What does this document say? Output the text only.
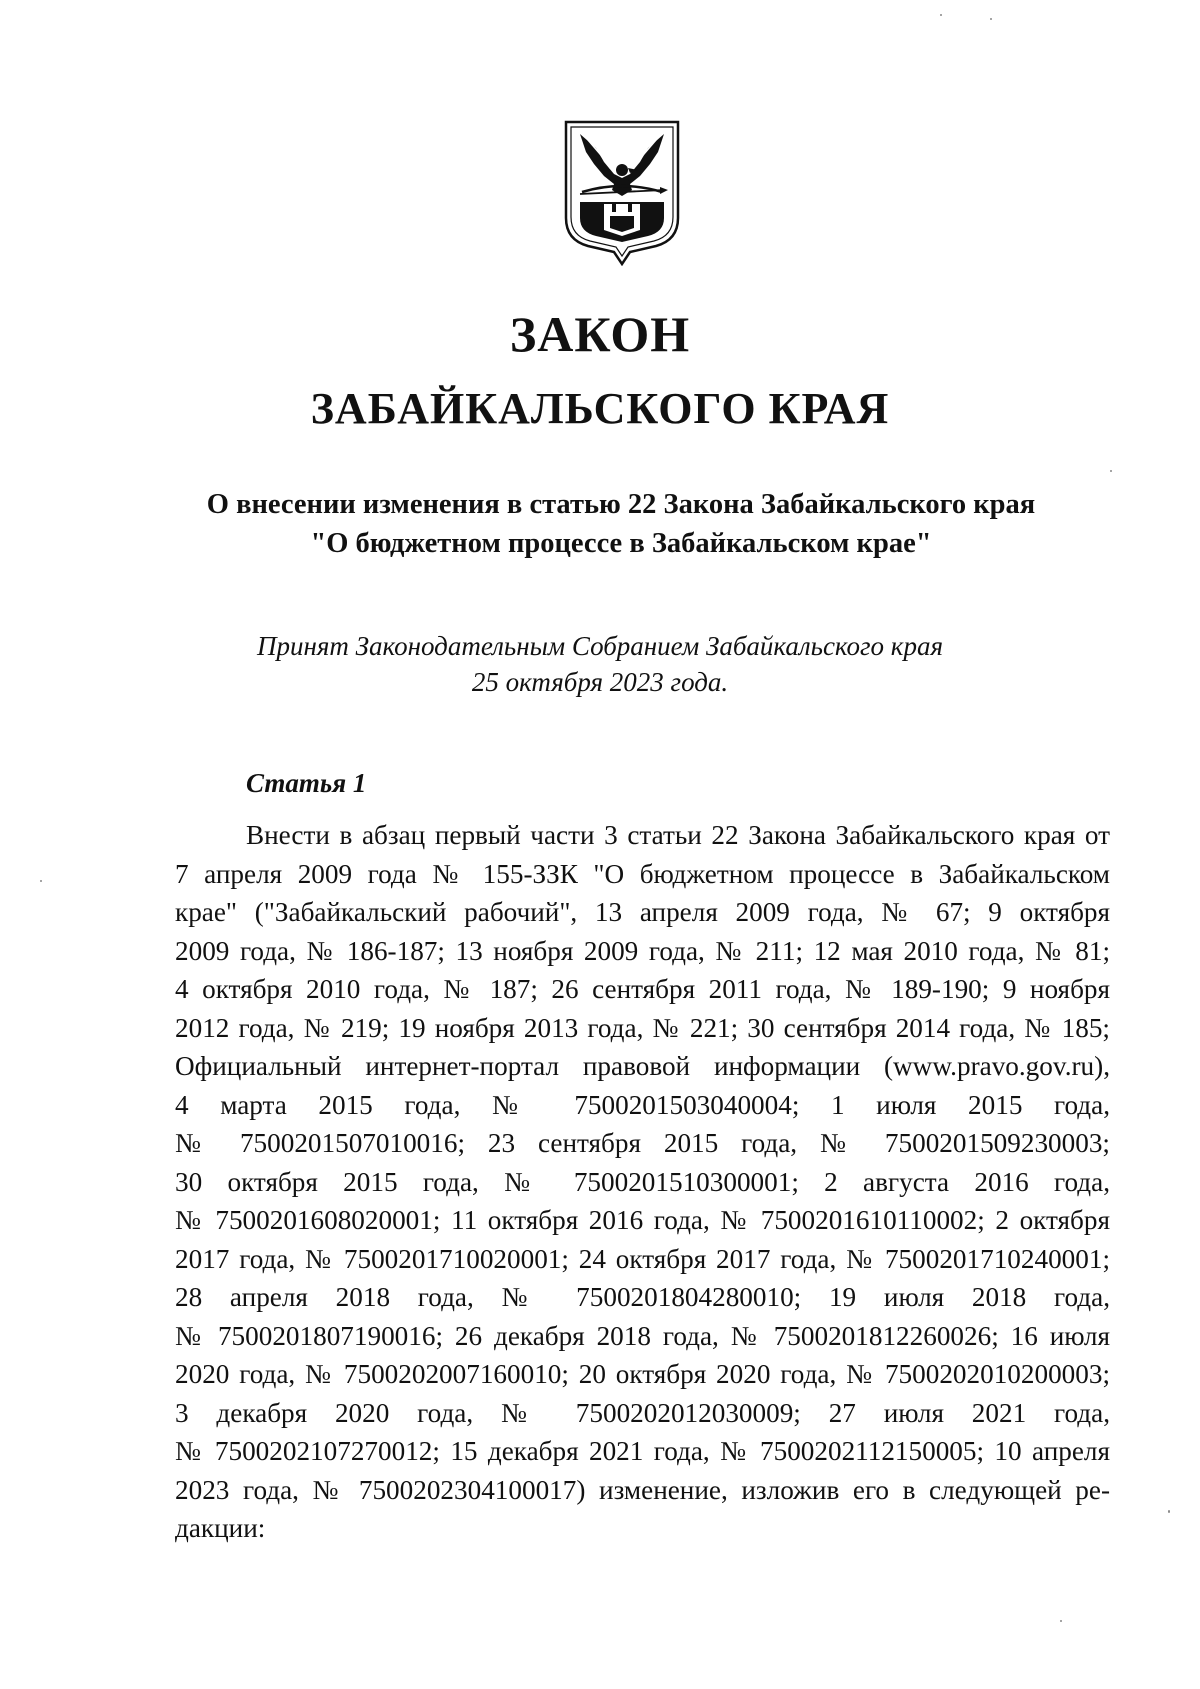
ЗАКОН
ЗАБАЙКАЛЬСКОГО КРАЯ
О внесении изменения в статью 22 Закона Забайкальского края
"О бюджетном процессе в Забайкальском крае"
Принят Законодательным Собранием Забайкальского края
25 октября 2023 года.
Статья 1
Внести в абзац первый части 3 статьи 22 Закона Забайкальского края от
7 апреля 2009 года № 155-ЗЗК "О бюджетном процессе в Забайкальском
крае" ("Забайкальский рабочий", 13 апреля 2009 года, № 67; 9 октября
2009 года, № 186-187; 13 ноября 2009 года, № 211; 12 мая 2010 года, № 81;
4 октября 2010 года, № 187; 26 сентября 2011 года, № 189-190; 9 ноября
2012 года, № 219; 19 ноября 2013 года, № 221; 30 сентября 2014 года, № 185;
Официальный интернет-портал правовой информации (www.pravo.gov.ru),
4 марта 2015 года, № 7500201503040004; 1 июля 2015 года,
№ 7500201507010016; 23 сентября 2015 года, № 7500201509230003;
30 октября 2015 года, № 7500201510300001; 2 августа 2016 года,
№ 7500201608020001; 11 октября 2016 года, № 7500201610110002; 2 октября
2017 года, № 7500201710020001; 24 октября 2017 года, № 7500201710240001;
28 апреля 2018 года, № 7500201804280010; 19 июля 2018 года,
№ 7500201807190016; 26 декабря 2018 года, № 7500201812260026; 16 июля
2020 года, № 7500202007160010; 20 октября 2020 года, № 7500202010200003;
3 декабря 2020 года, № 7500202012030009; 27 июля 2021 года,
№ 7500202107270012; 15 декабря 2021 года, № 7500202112150005; 10 апреля
2023 года, № 7500202304100017) изменение, изложив его в следующей ре-
дакции:
